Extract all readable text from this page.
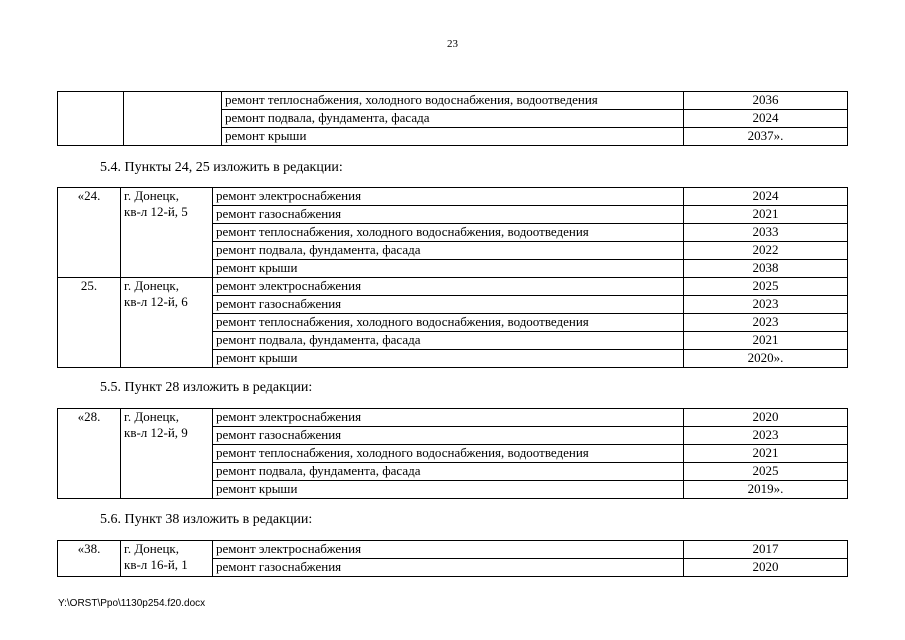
23
		ремонт теплоснабжения, холодного водоснабжения, водоотведения	2036
		ремонт подвала, фундамента, фасада	2024
		ремонт крыши	2037».
5.4. Пункты 24, 25 изложить в редакции:
«24.	г. Донецк,
кв-л 12-й, 5	ремонт электроснабжения	2024
		ремонт газоснабжения	2021
		ремонт теплоснабжения, холодного водоснабжения, водоотведения	2033
		ремонт подвала, фундамента, фасада	2022
		ремонт крыши	2038
25.	г. Донецк,
кв-л 12-й, 6	ремонт электроснабжения	2025
		ремонт газоснабжения	2023
		ремонт теплоснабжения, холодного водоснабжения, водоотведения	2023
		ремонт подвала, фундамента, фасада	2021
		ремонт крыши	2020».
5.5. Пункт 28 изложить в редакции:
«28.	г. Донецк,
кв-л 12-й, 9	ремонт электроснабжения	2020
		ремонт газоснабжения	2023
		ремонт теплоснабжения, холодного водоснабжения, водоотведения	2021
		ремонт подвала, фундамента, фасада	2025
		ремонт крыши	2019».
5.6. Пункт 38 изложить в редакции:
«38.	г. Донецк,
кв-л 16-й, 1	ремонт электроснабжения	2017
		ремонт газоснабжения	2020
Y:\ORST\Ppo\1130p254.f20.docx
